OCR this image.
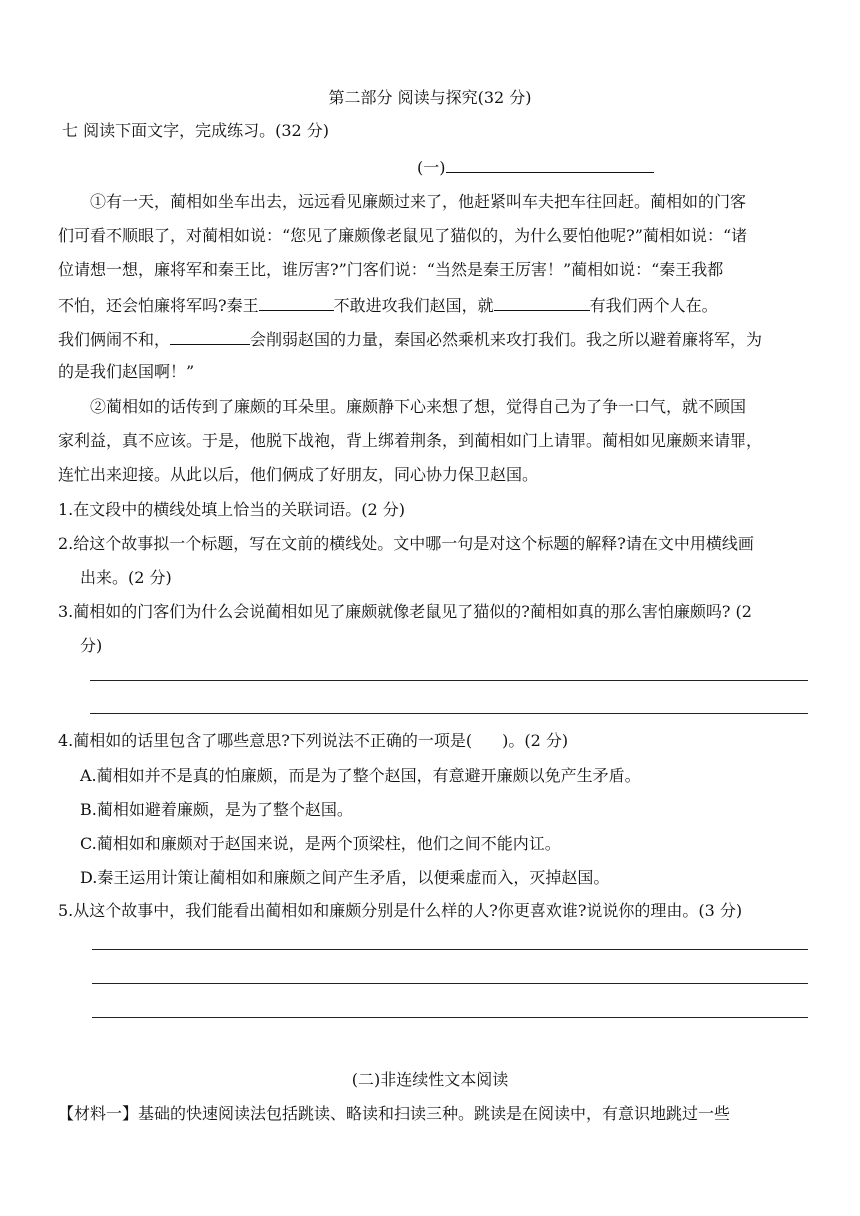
第二部分 阅读与探究(32 分)
七 阅读下面文字，完成练习。(32 分)
(一)
①有一天，蔺相如坐车出去，远远看见廉颇过来了，他赶紧叫车夫把车往回赶。蔺相如的门客
们可看不顺眼了，对蔺相如说：“您见了廉颇像老鼠见了猫似的，为什么要怕他呢?”蔺相如说：“诸
位请想一想，廉将军和秦王比，谁厉害?”门客们说：“当然是秦王厉害！”蔺相如说：“秦王我都
不怕，还会怕廉将军吗?秦王	不敢进攻我们赵国，就	有我们两个人在。
我们俩闹不和，	会削弱赵国的力量，秦国必然乘机来攻打我们。我之所以避着廉将军，为
的是我们赵国啊！”
②蔺相如的话传到了廉颇的耳朵里。廉颇静下心来想了想，觉得自己为了争一口气，就不顾国
家利益，真不应该。于是，他脱下战袍，背上绑着荆条，到蔺相如门上请罪。蔺相如见廉颇来请罪，
连忙出来迎接。从此以后，他们俩成了好朋友，同心协力保卫赵国。
1.在文段中的横线处填上恰当的关联词语。(2 分)
2.给这个故事拟一个标题，写在文前的横线处。文中哪一句是对这个标题的解释?请在文中用横线画
出来。(2 分)
3.蔺相如的门客们为什么会说蔺相如见了廉颇就像老鼠见了猫似的?蔺相如真的那么害怕廉颇吗? (2
分)
4.蔺相如的话里包含了哪些意思?下列说法不正确的一项是( )。(2 分)
A.蔺相如并不是真的怕廉颇，而是为了整个赵国，有意避开廉颇以免产生矛盾。
B.蔺相如避着廉颇，是为了整个赵国。
C.蔺相如和廉颇对于赵国来说，是两个顶梁柱，他们之间不能内讧。
D.秦王运用计策让蔺相如和廉颇之间产生矛盾，以便乘虚而入，灭掉赵国。
5.从这个故事中，我们能看出蔺相如和廉颇分别是什么样的人?你更喜欢谁?说说你的理由。(3 分)
(二)非连续性文本阅读
【材料一】基础的快速阅读法包括跳读、略读和扫读三种。跳读是在阅读中，有意识地跳过一些
